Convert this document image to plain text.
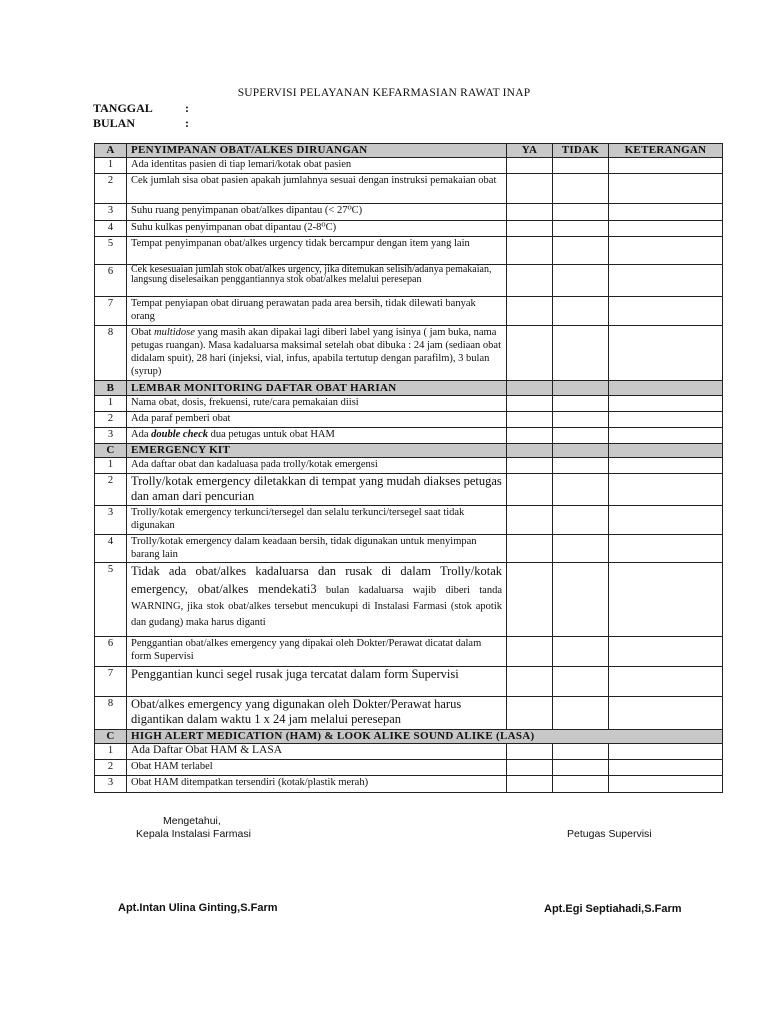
SUPERVISI PELAYANAN KEFARMASIAN RAWAT INAP
TANGGAL	:
BULAN	:
A	PENYIMPANAN OBAT/ALKES DIRUANGAN	YA	TIDAK	KETERANGAN
1	Ada identitas pasien di tiap lemari/kotak obat pasien			
2	Cek jumlah sisa obat pasien apakah jumlahnya sesuai dengan instruksi pemakaian obat			
3	Suhu ruang penyimpanan obat/alkes dipantau (< 27⁰C)			
4	Suhu kulkas penyimpanan obat dipantau (2-8⁰C)			
5	Tempat penyimpanan obat/alkes urgency tidak bercampur dengan item yang lain			
6	Cek kesesuaian jumlah stok obat/alkes urgency, jika ditemukan selisih/adanya pemakaian, langsung diselesaikan penggantiannya stok obat/alkes melalui peresepan			
7	Tempat penyiapan obat diruang perawatan pada area bersih, tidak dilewati banyak orang			
8	Obat multidose yang masih akan dipakai lagi diberi label yang isinya ( jam buka, nama petugas ruangan). Masa kadaluarsa maksimal setelah obat dibuka : 24 jam (sediaan obat didalam spuit), 28 hari (injeksi, vial, infus, apabila tertutup dengan parafilm), 3 bulan (syrup)			
B	LEMBAR MONITORING DAFTAR OBAT HARIAN			
1	Nama obat, dosis, frekuensi, rute/cara pemakaian diisi			
2	Ada paraf pemberi obat			
3	Ada double check dua petugas untuk obat HAM			
C	EMERGENCY KIT			
1	Ada daftar obat dan kadaluasa pada trolly/kotak emergensi			
2	Trolly/kotak emergency diletakkan di tempat yang mudah diakses petugas dan aman dari pencurian			
3	Trolly/kotak emergency terkunci/tersegel dan selalu terkunci/tersegel saat tidak digunakan			
4	Trolly/kotak emergency dalam keadaan bersih, tidak digunakan untuk menyimpan barang lain			
5	Tidak ada obat/alkes kadaluarsa dan rusak di dalam Trolly/kotak emergency, obat/alkes mendekati3 bulan kadaluarsa wajib diberi tanda WARNING, jika stok obat/alkes tersebut mencukupi di Instalasi Farmasi (stok apotik dan gudang) maka harus diganti			
6	Penggantian obat/alkes emergency yang dipakai oleh Dokter/Perawat dicatat dalam form Supervisi			
7	Penggantian kunci segel rusak juga tercatat dalam form Supervisi			
8	Obat/alkes emergency yang digunakan oleh Dokter/Perawat harus digantikan dalam waktu 1 x 24 jam melalui peresepan			
C	HIGH ALERT MEDICATION (HAM) & LOOK ALIKE SOUND ALIKE (LASA)			
1	Ada Daftar Obat HAM & LASA			
2	Obat HAM terlabel			
3	Obat HAM ditempatkan tersendiri (kotak/plastik merah)			
Mengetahui,
Kepala Instalasi Farmasi	Petugas Supervisi
Apt.Intan Ulina Ginting,S.Farm	Apt.Egi Septiahadi,S.Farm
